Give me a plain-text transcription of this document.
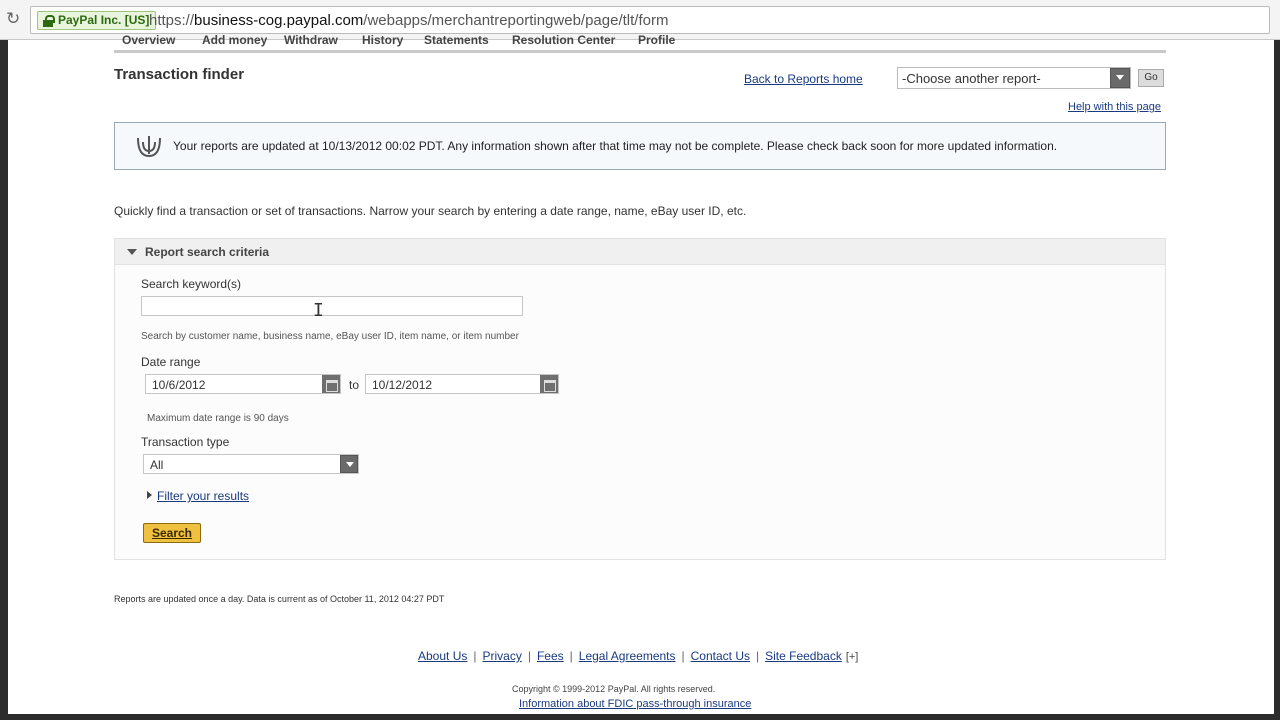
↻	PayPal Inc. [US] https://business-cog.paypal.com/webapps/merchantreportingweb/page/tlt/form
Overview Add money Withdraw History Statements Resolution Center Profile
Transaction finder	Back to Reports home	-Choose another report-	Go
Help with this page
Your reports are updated at 10/13/2012 00:02 PDT. Any information shown after that time may not be complete. Please check back soon for more updated information.
Quickly find a transaction or set of transactions. Narrow your search by entering a date range, name, eBay user ID, etc.
Report search criteria
Search keyword(s)
I
Search by customer name, business name, eBay user ID, item name, or item number
Date range
10/6/2012	to 10/12/2012
Maximum date range is 90 days
Transaction type
All
Filter your results
Search
Reports are updated once a day. Data is current as of October 11, 2012 04:27 PDT
About Us | Privacy | Fees | Legal Agreements | Contact Us | Site Feedback [+]
Copyright © 1999-2012 PayPal. All rights reserved.
Information about FDIC pass-through insurance
